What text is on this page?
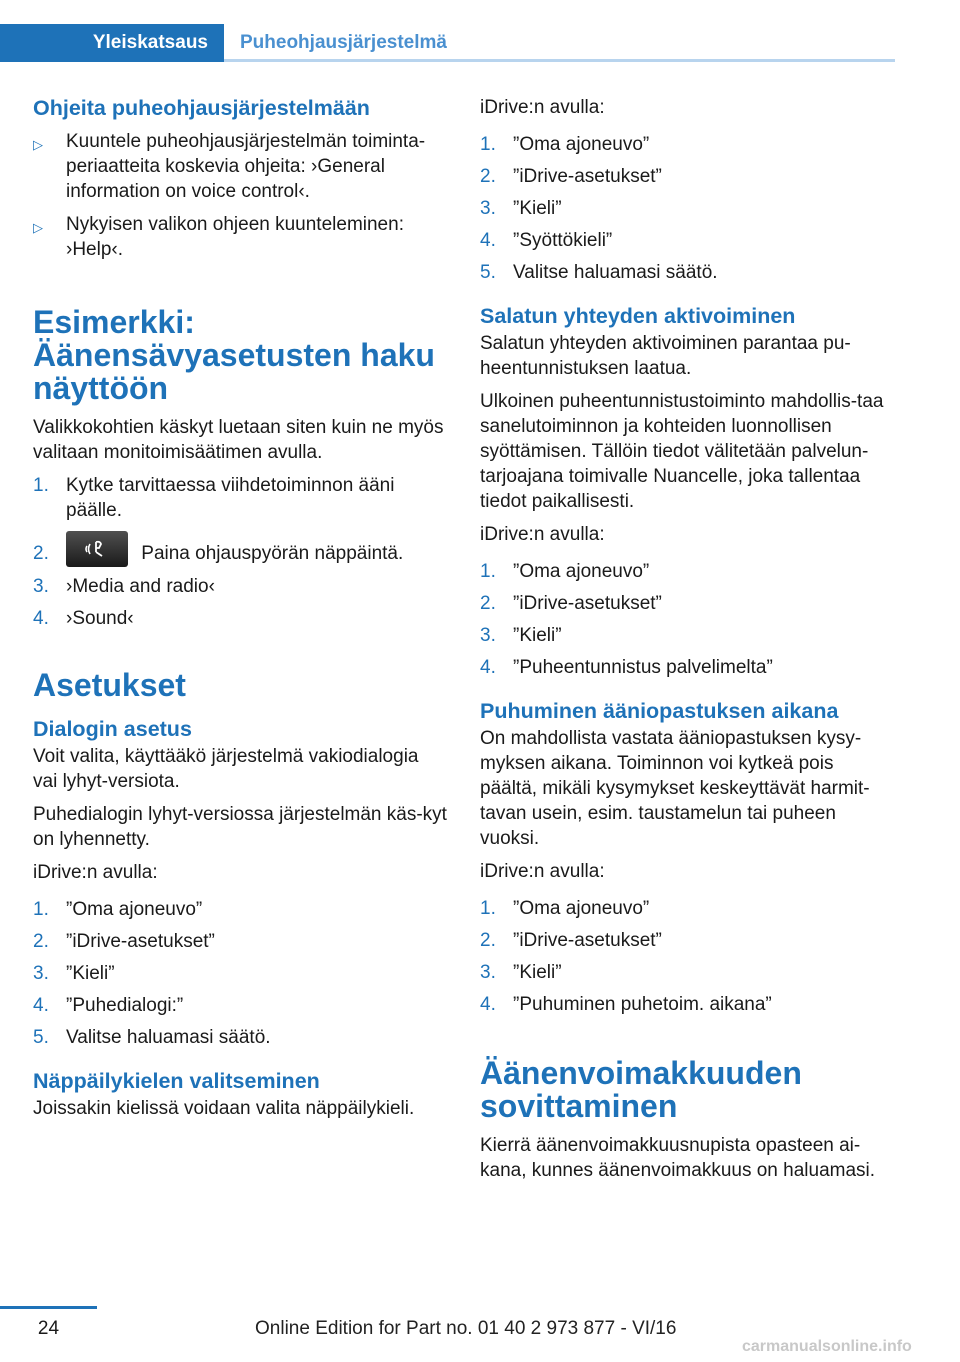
Yleiskatsaus	Puheohjausjärjestelmä
Ohjeita puheohjausjärjestelmään
▷ Kuuntele puheohjausjärjestelmän toiminta-periaatteita koskevia ohjeita: ›General information on voice control‹.
▷ Nykyisen valikon ohjeen kuunteleminen: ›Help‹.
Esimerkki: Äänensävyasetusten haku näyttöön

Valikkokohtien käskyt luetaan siten kuin ne myös valitaan monitoimisäätimen avulla.

1. Kytke tarvittaessa viihdetoiminnon ääni päälle.
2.	Paina ohjauspyörän näppäintä.
3. ›Media and radio‹
4. ›Sound‹
Asetukset
Dialogin asetus

Voit valita, käyttääkö järjestelmä vakiodialogia vai lyhyt-versiota.

Puhedialogin lyhyt-versiossa järjestelmän käs-kyt on lyhennetty.

iDrive:n avulla:

1. ”Oma ajoneuvo”
2. ”iDrive-asetukset”
3. ”Kieli”
4. ”Puhedialogi:”
5. Valitse haluamasi säätö.
Näppäilykielen valitseminen

Joissakin kielissä voidaan valita näppäilykieli.

iDrive:n avulla:

1. ”Oma ajoneuvo”
2. ”iDrive-asetukset”
3. ”Kieli”
4. ”Syöttökieli”
5. Valitse haluamasi säätö.
Salatun yhteyden aktivoiminen

Salatun yhteyden aktivoiminen parantaa pu-heentunnistuksen laatua.

Ulkoinen puheentunnistustoiminto mahdollis-taa sanelutoiminnon ja kohteiden luonnollisen syöttämisen. Tällöin tiedot välitetään palvelun-tarjoajana toimivalle Nuancelle, joka tallentaa tiedot paikallisesti.

iDrive:n avulla:

1. ”Oma ajoneuvo”
2. ”iDrive-asetukset”
3. ”Kieli”
4. ”Puheentunnistus palvelimelta”
Puhuminen ääniopastuksen aikana

On mahdollista vastata ääniopastuksen kysy-myksen aikana. Toiminnon voi kytkeä pois päältä, mikäli kysymykset keskeyttävät harmit-tavan usein, esim. taustamelun tai puheen vuoksi.

iDrive:n avulla:

1. ”Oma ajoneuvo”
2. ”iDrive-asetukset”
3. ”Kieli”
4. ”Puhuminen puhetoim. aikana”
Äänenvoimakkuuden sovittaminen

Kierrä äänenvoimakkuusnupista opasteen ai-kana, kunnes äänenvoimakkuus on haluamasi.

24	Online Edition for Part no. 01 40 2 973 877 - VI/16
carmanualsonline.info
